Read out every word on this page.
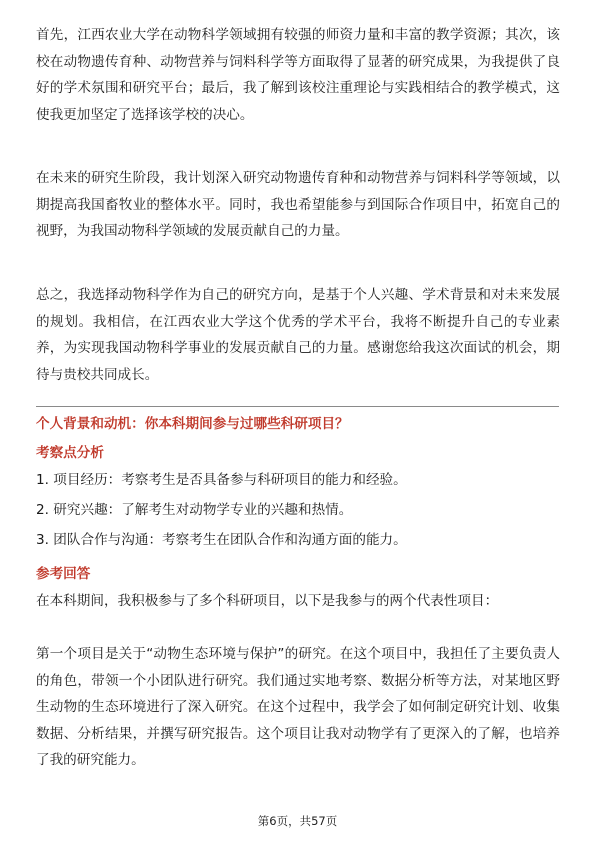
首先，江西农业大学在动物科学领域拥有较强的师资力量和丰富的教学资源；其次，该校在动物遗传育种、动物营养与饲料科学等方面取得了显著的研究成果，为我提供了良好的学术氛围和研究平台；最后，我了解到该校注重理论与实践相结合的教学模式，这使我更加坚定了选择该学校的决心。

在未来的研究生阶段，我计划深入研究动物遗传育种和动物营养与饲料科学等领域，以期提高我国畜牧业的整体水平。同时，我也希望能参与到国际合作项目中，拓宽自己的视野，为我国动物科学领域的发展贡献自己的力量。

总之，我选择动物科学作为自己的研究方向，是基于个人兴趣、学术背景和对未来发展的规划。我相信，在江西农业大学这个优秀的学术平台，我将不断提升自己的专业素养，为实现我国动物科学事业的发展贡献自己的力量。感谢您给我这次面试的机会，期待与贵校共同成长。

个人背景和动机：你本科期间参与过哪些科研项目？

考察点分析

1. 项目经历：考察考生是否具备参与科研项目的能力和经验。

2. 研究兴趣：了解考生对动物学专业的兴趣和热情。

3. 团队合作与沟通：考察考生在团队合作和沟通方面的能力。

参考回答

在本科期间，我积极参与了多个科研项目，以下是我参与的两个代表性项目：

第一个项目是关于“动物生态环境与保护”的研究。在这个项目中，我担任了主要负责人的角色，带领一个小团队进行研究。我们通过实地考察、数据分析等方法，对某地区野生动物的生态环境进行了深入研究。在这个过程中，我学会了如何制定研究计划、收集数据、分析结果，并撰写研究报告。这个项目让我对动物学有了更深入的了解，也培养了我的研究能力。

第6页，共57页
